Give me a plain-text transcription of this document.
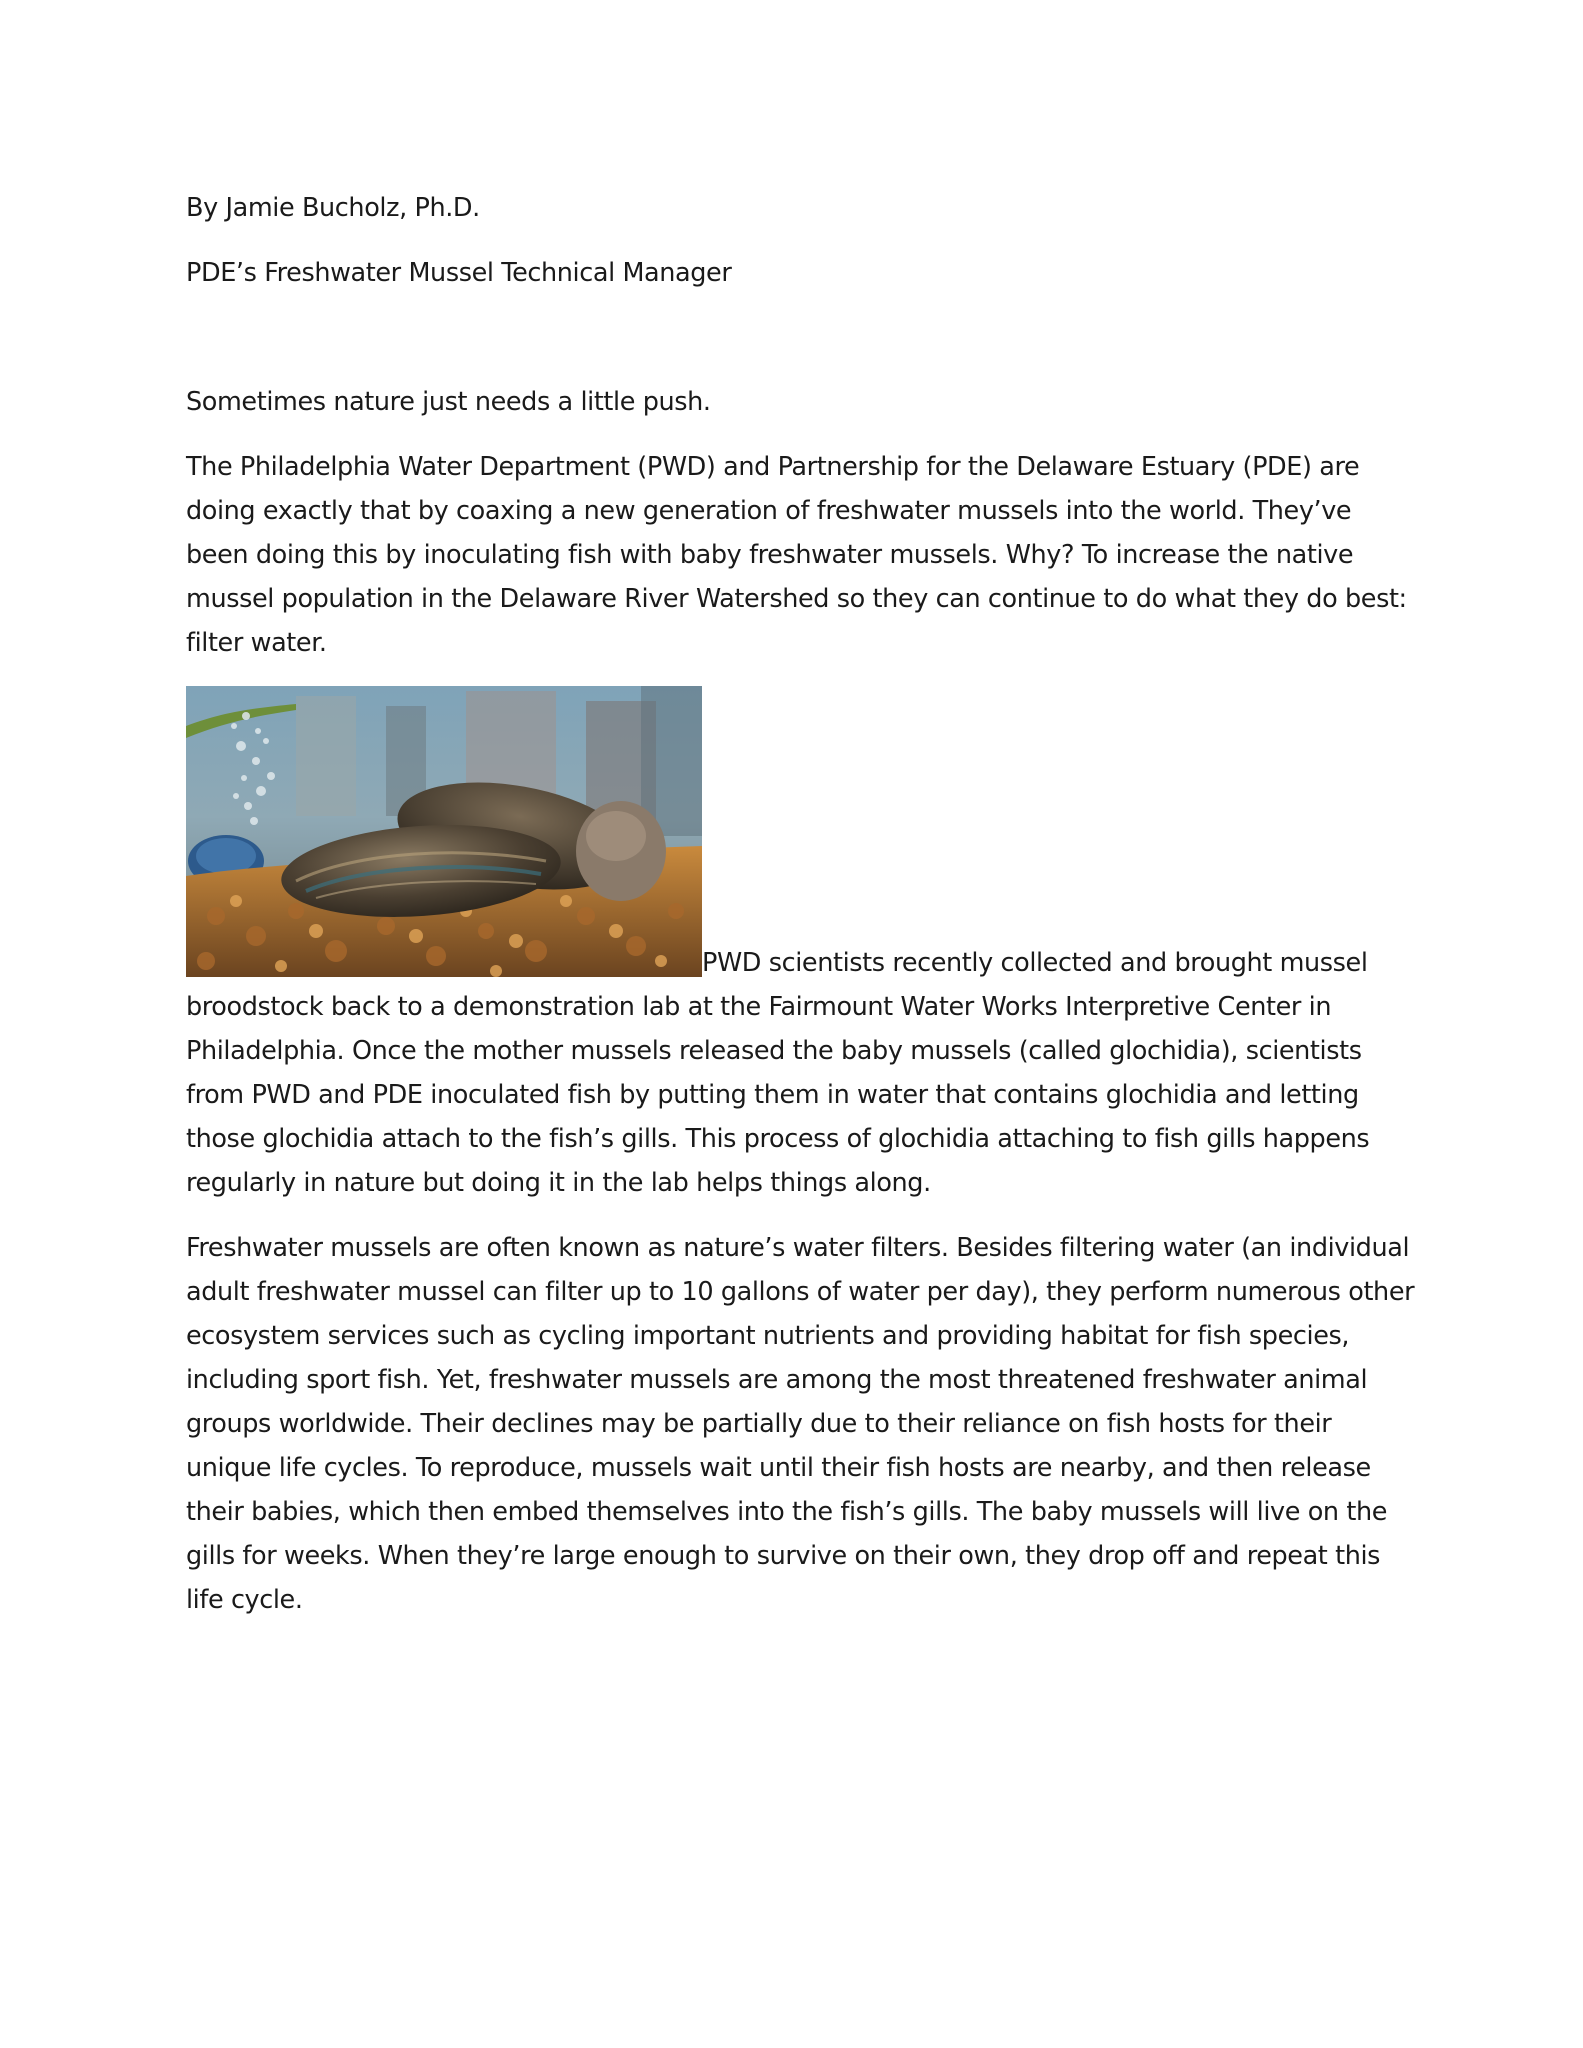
By Jamie Bucholz, Ph.D.

PDE’s Freshwater Mussel Technical Manager

Sometimes nature just needs a little push.

The Philadelphia Water Department (PWD) and Partnership for the Delaware Estuary (PDE) are doing exactly that by coaxing a new generation of freshwater mussels into the world. They’ve been doing this by inoculating fish with baby freshwater mussels. Why? To increase the native mussel population in the Delaware River Watershed so they can continue to do what they do best: filter water.

PWD scientists recently collected and brought mussel broodstock back to a demonstration lab at the Fairmount Water Works Interpretive Center in Philadelphia. Once the mother mussels released the baby mussels (called glochidia), scientists from PWD and PDE inoculated fish by putting them in water that contains glochidia and letting those glochidia attach to the fish’s gills. This process of glochidia attaching to fish gills happens regularly in nature but doing it in the lab helps things along.

Freshwater mussels are often known as nature’s water filters. Besides filtering water (an individual adult freshwater mussel can filter up to 10 gallons of water per day), they perform numerous other ecosystem services such as cycling important nutrients and providing habitat for fish species, including sport fish. Yet, freshwater mussels are among the most threatened freshwater animal groups worldwide. Their declines may be partially due to their reliance on fish hosts for their unique life cycles. To reproduce, mussels wait until their fish hosts are nearby, and then release their babies, which then embed themselves into the fish’s gills. The baby mussels will live on the gills for weeks. When they’re large enough to survive on their own, they drop off and repeat this life cycle.
